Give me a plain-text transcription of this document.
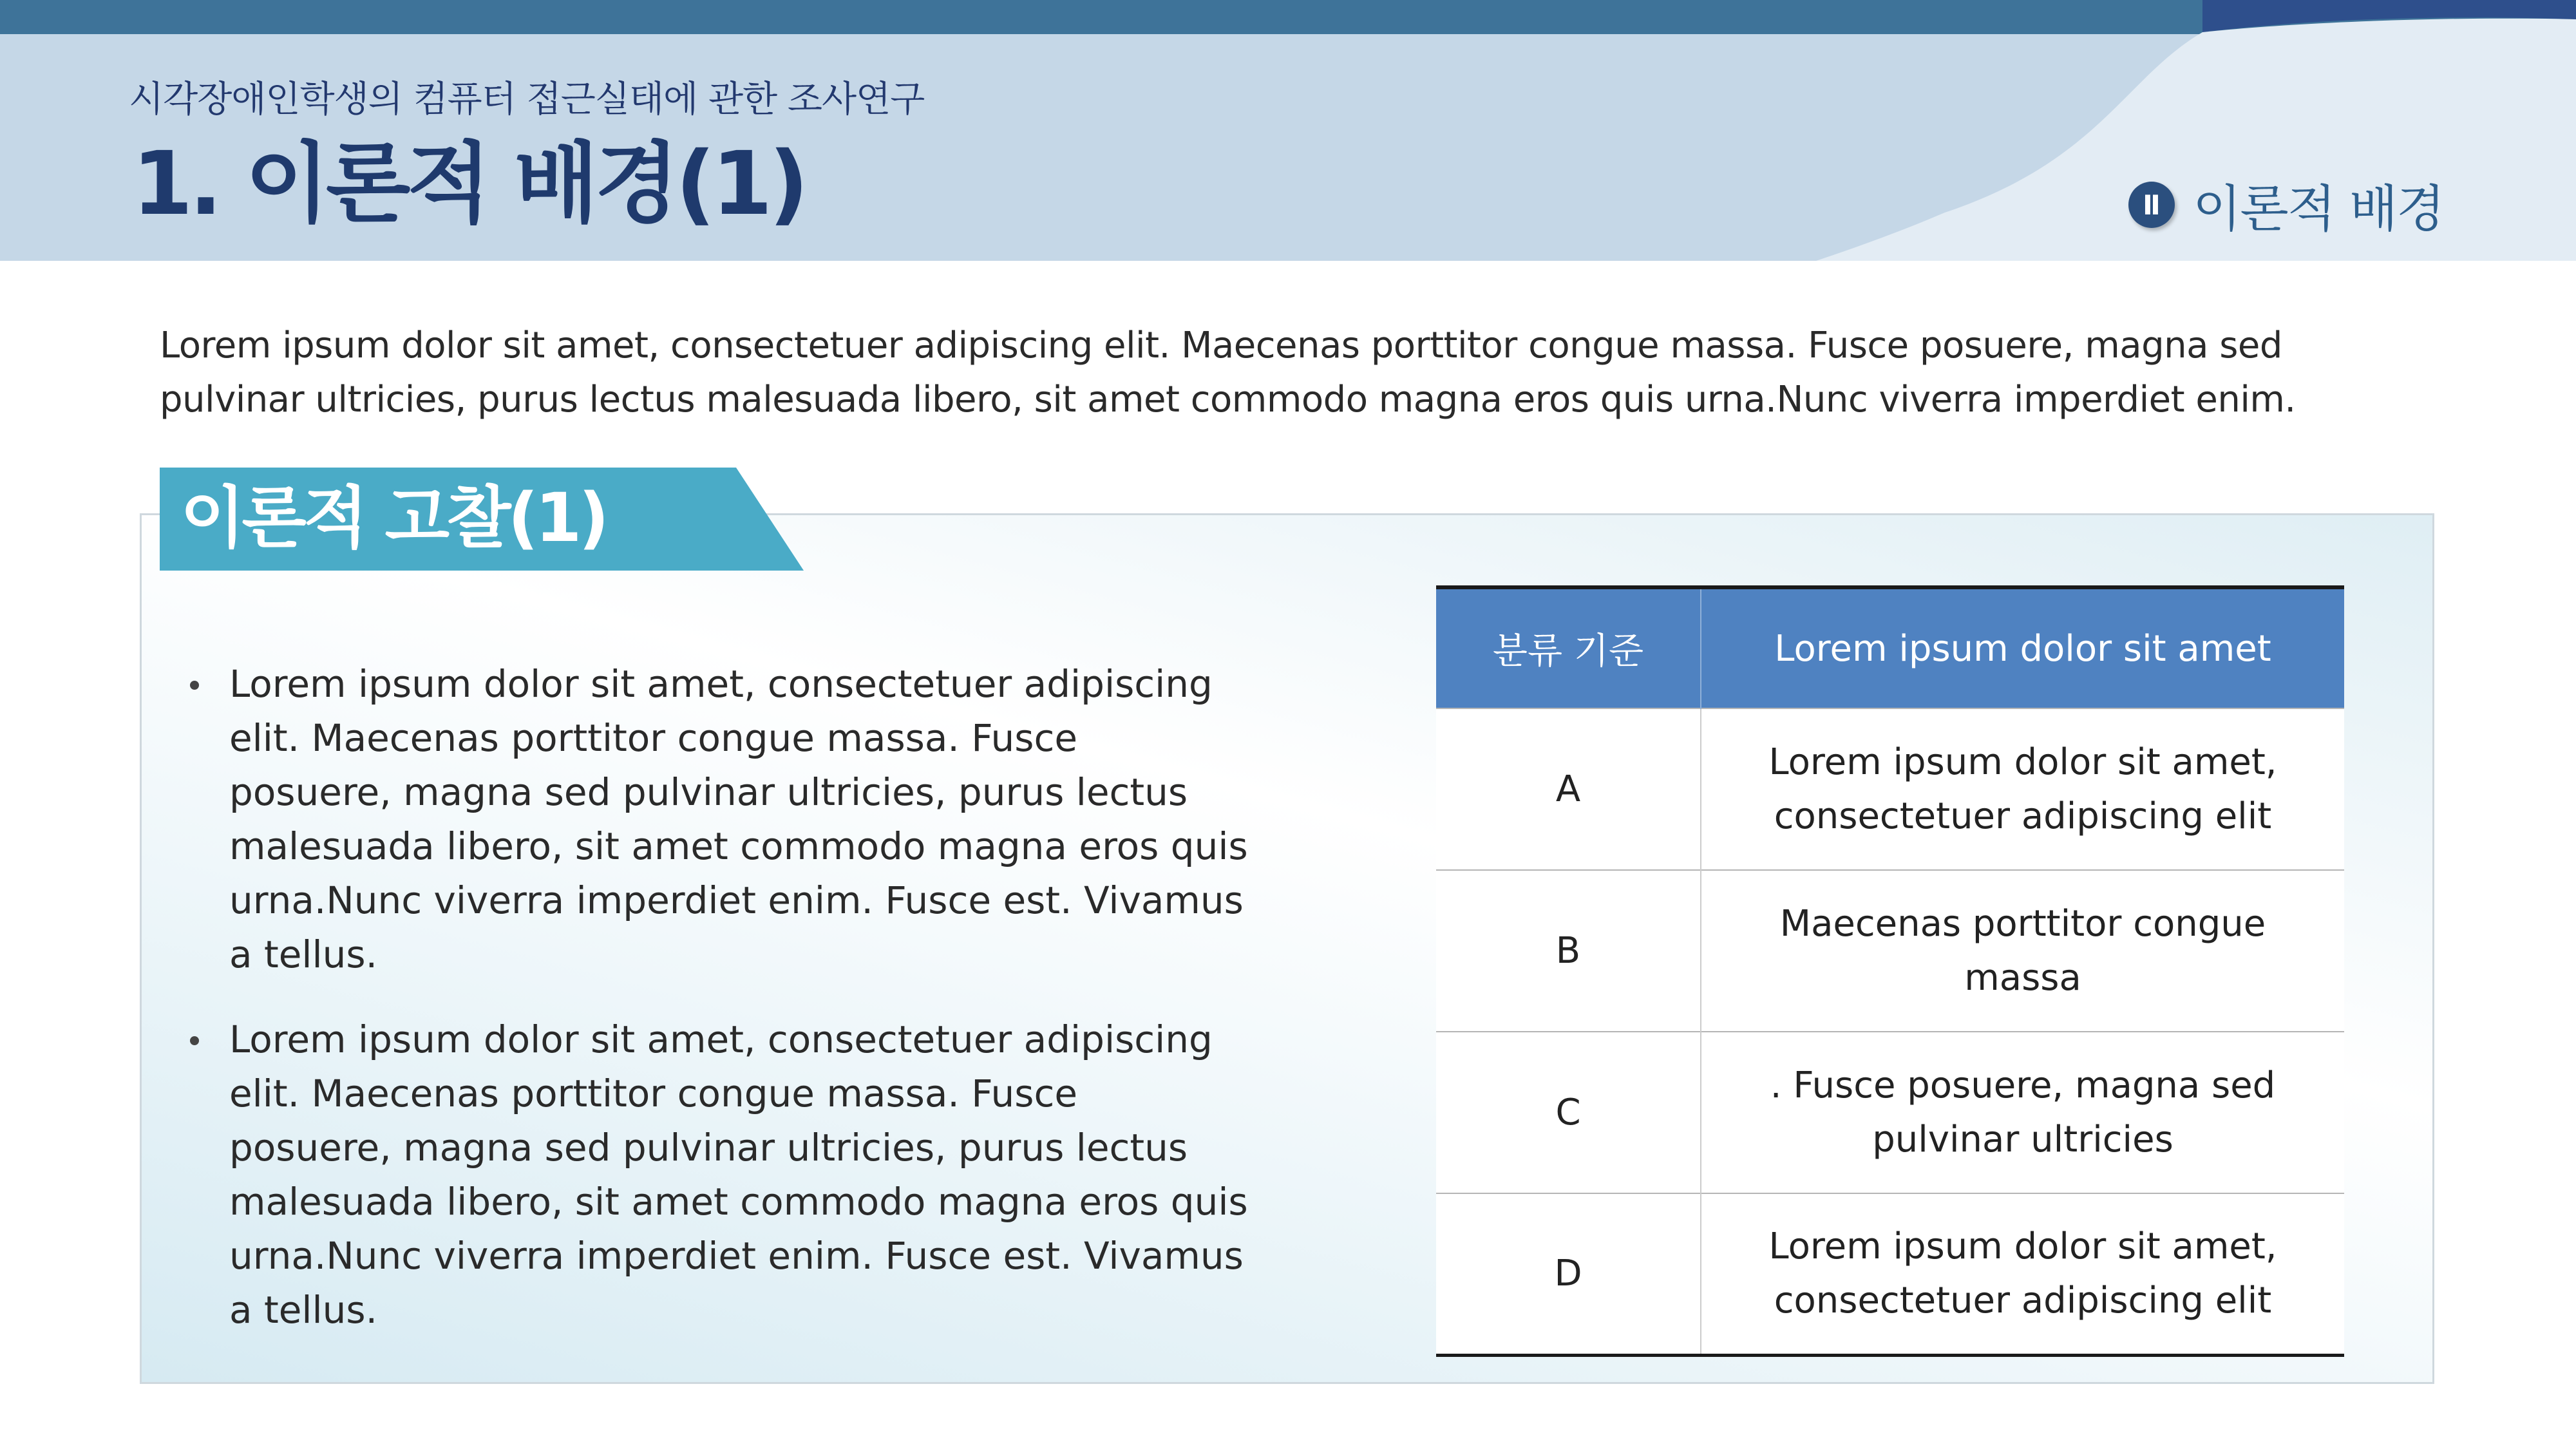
시각장애인학생의 컴퓨터 접근실태에 관한 조사연구
1. 이론적 배경(1)	Ⅱ 이론적 배경
Lorem ipsum dolor sit amet, consectetuer adipiscing elit. Maecenas porttitor congue massa. Fusce posuere, magna sed pulvinar ultricies, purus lectus malesuada libero, sit amet commodo magna eros quis urna.Nunc viverra imperdiet enim.
이론적 고찰(1)
Lorem ipsum dolor sit amet, consectetuer adipiscing elit. Maecenas porttitor congue massa. Fusce posuere, magna sed pulvinar ultricies, purus lectus malesuada libero, sit amet commodo magna eros quis urna.Nunc viverra imperdiet enim. Fusce est. Vivamus a tellus.
Lorem ipsum dolor sit amet, consectetuer adipiscing elit. Maecenas porttitor congue massa. Fusce posuere, magna sed pulvinar ultricies, purus lectus malesuada libero, sit amet commodo magna eros quis urna.Nunc viverra imperdiet enim. Fusce est. Vivamus a tellus.
분류 기준	Lorem ipsum dolor sit amet
A	Lorem ipsum dolor sit amet, consectetuer adipiscing elit
B	Maecenas porttitor congue massa
C	. Fusce posuere, magna sed pulvinar ultricies
D	Lorem ipsum dolor sit amet, consectetuer adipiscing elit
